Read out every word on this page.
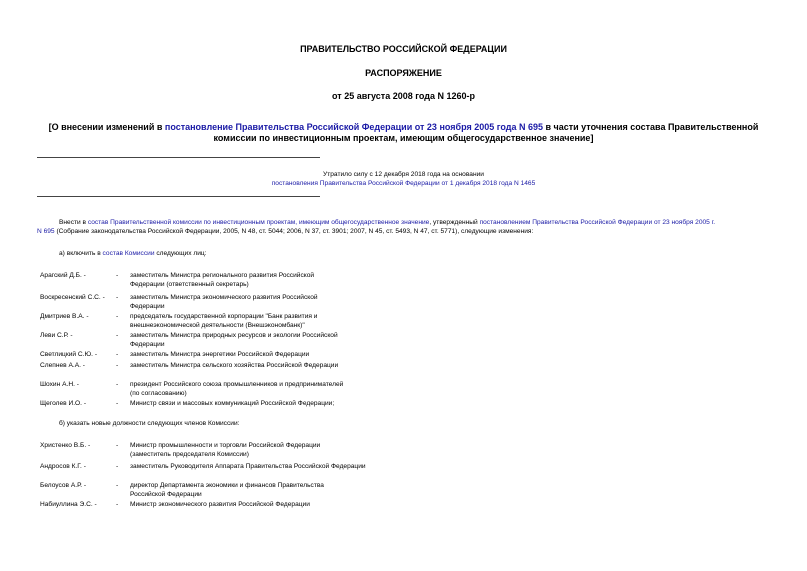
ПРАВИТЕЛЬСТВО РОССИЙСКОЙ ФЕДЕРАЦИИ
РАСПОРЯЖЕНИЕ
от 25 августа 2008 года N 1260-р
[О внесении изменений в постановление Правительства Российской Федерации от 23 ноября 2005 года N 695 в части уточнения состава Правительственной
комиссии по инвестиционным проектам, имеющим общегосударственное значение]
Утратило силу с 12 декабря 2018 года на основании
постановления Правительства Российской Федерации от 1 декабря 2018 года N 1465
Внести в состав Правительственной комиссии по инвестиционным проектам, имеющим общегосударственное значение, утвержденный постановлением Правительства Российской Федерации от 23 ноября 2005 г.
N 695 (Собрание законодательства Российской Федерации, 2005, N 48, ст. 5044; 2006, N 37, ст. 3901; 2007, N 45, ст. 5493, N 47, ст. 5771), следующие изменения:
а) включить в состав Комиссии следующих лиц:
Арагский Д.Б. -	- заместитель Министра регионального развития Российской Федерации (ответственный секретарь)
Воскресенский С.С. - - заместитель Министра экономического развития Российской Федерации
Дмитриев В.А. -	- председатель государственной корпорации "Банк развития и внешнеэкономической деятельности (Внешэкономбанк)"
Леви С.Р. -	- заместитель Министра природных ресурсов и экологии Российской Федерации
Светлицкий С.Ю. -	- заместитель Министра энергетики Российской Федерации
Слепнев А.А. -	- заместитель Министра сельского хозяйства Российской Федерации
Шохин А.Н. -	- президент Российского союза промышленников и предпринимателей (по согласованию)
Щеголев И.О. -	- Министр связи и массовых коммуникаций Российской Федерации;
б) указать новые должности следующих членов Комиссии:
Христенко В.Б. -	- Министр промышленности и торговли Российской Федерации (заместитель председателя Комиссии)
Андросов К.Г. -	- заместитель Руководителя Аппарата Правительства Российской Федерации
Белоусов А.Р. -	- директор Департамента экономики и финансов Правительства Российской Федерации
Набиуллина Э.С. -	- Министр экономического развития Российской Федерации
